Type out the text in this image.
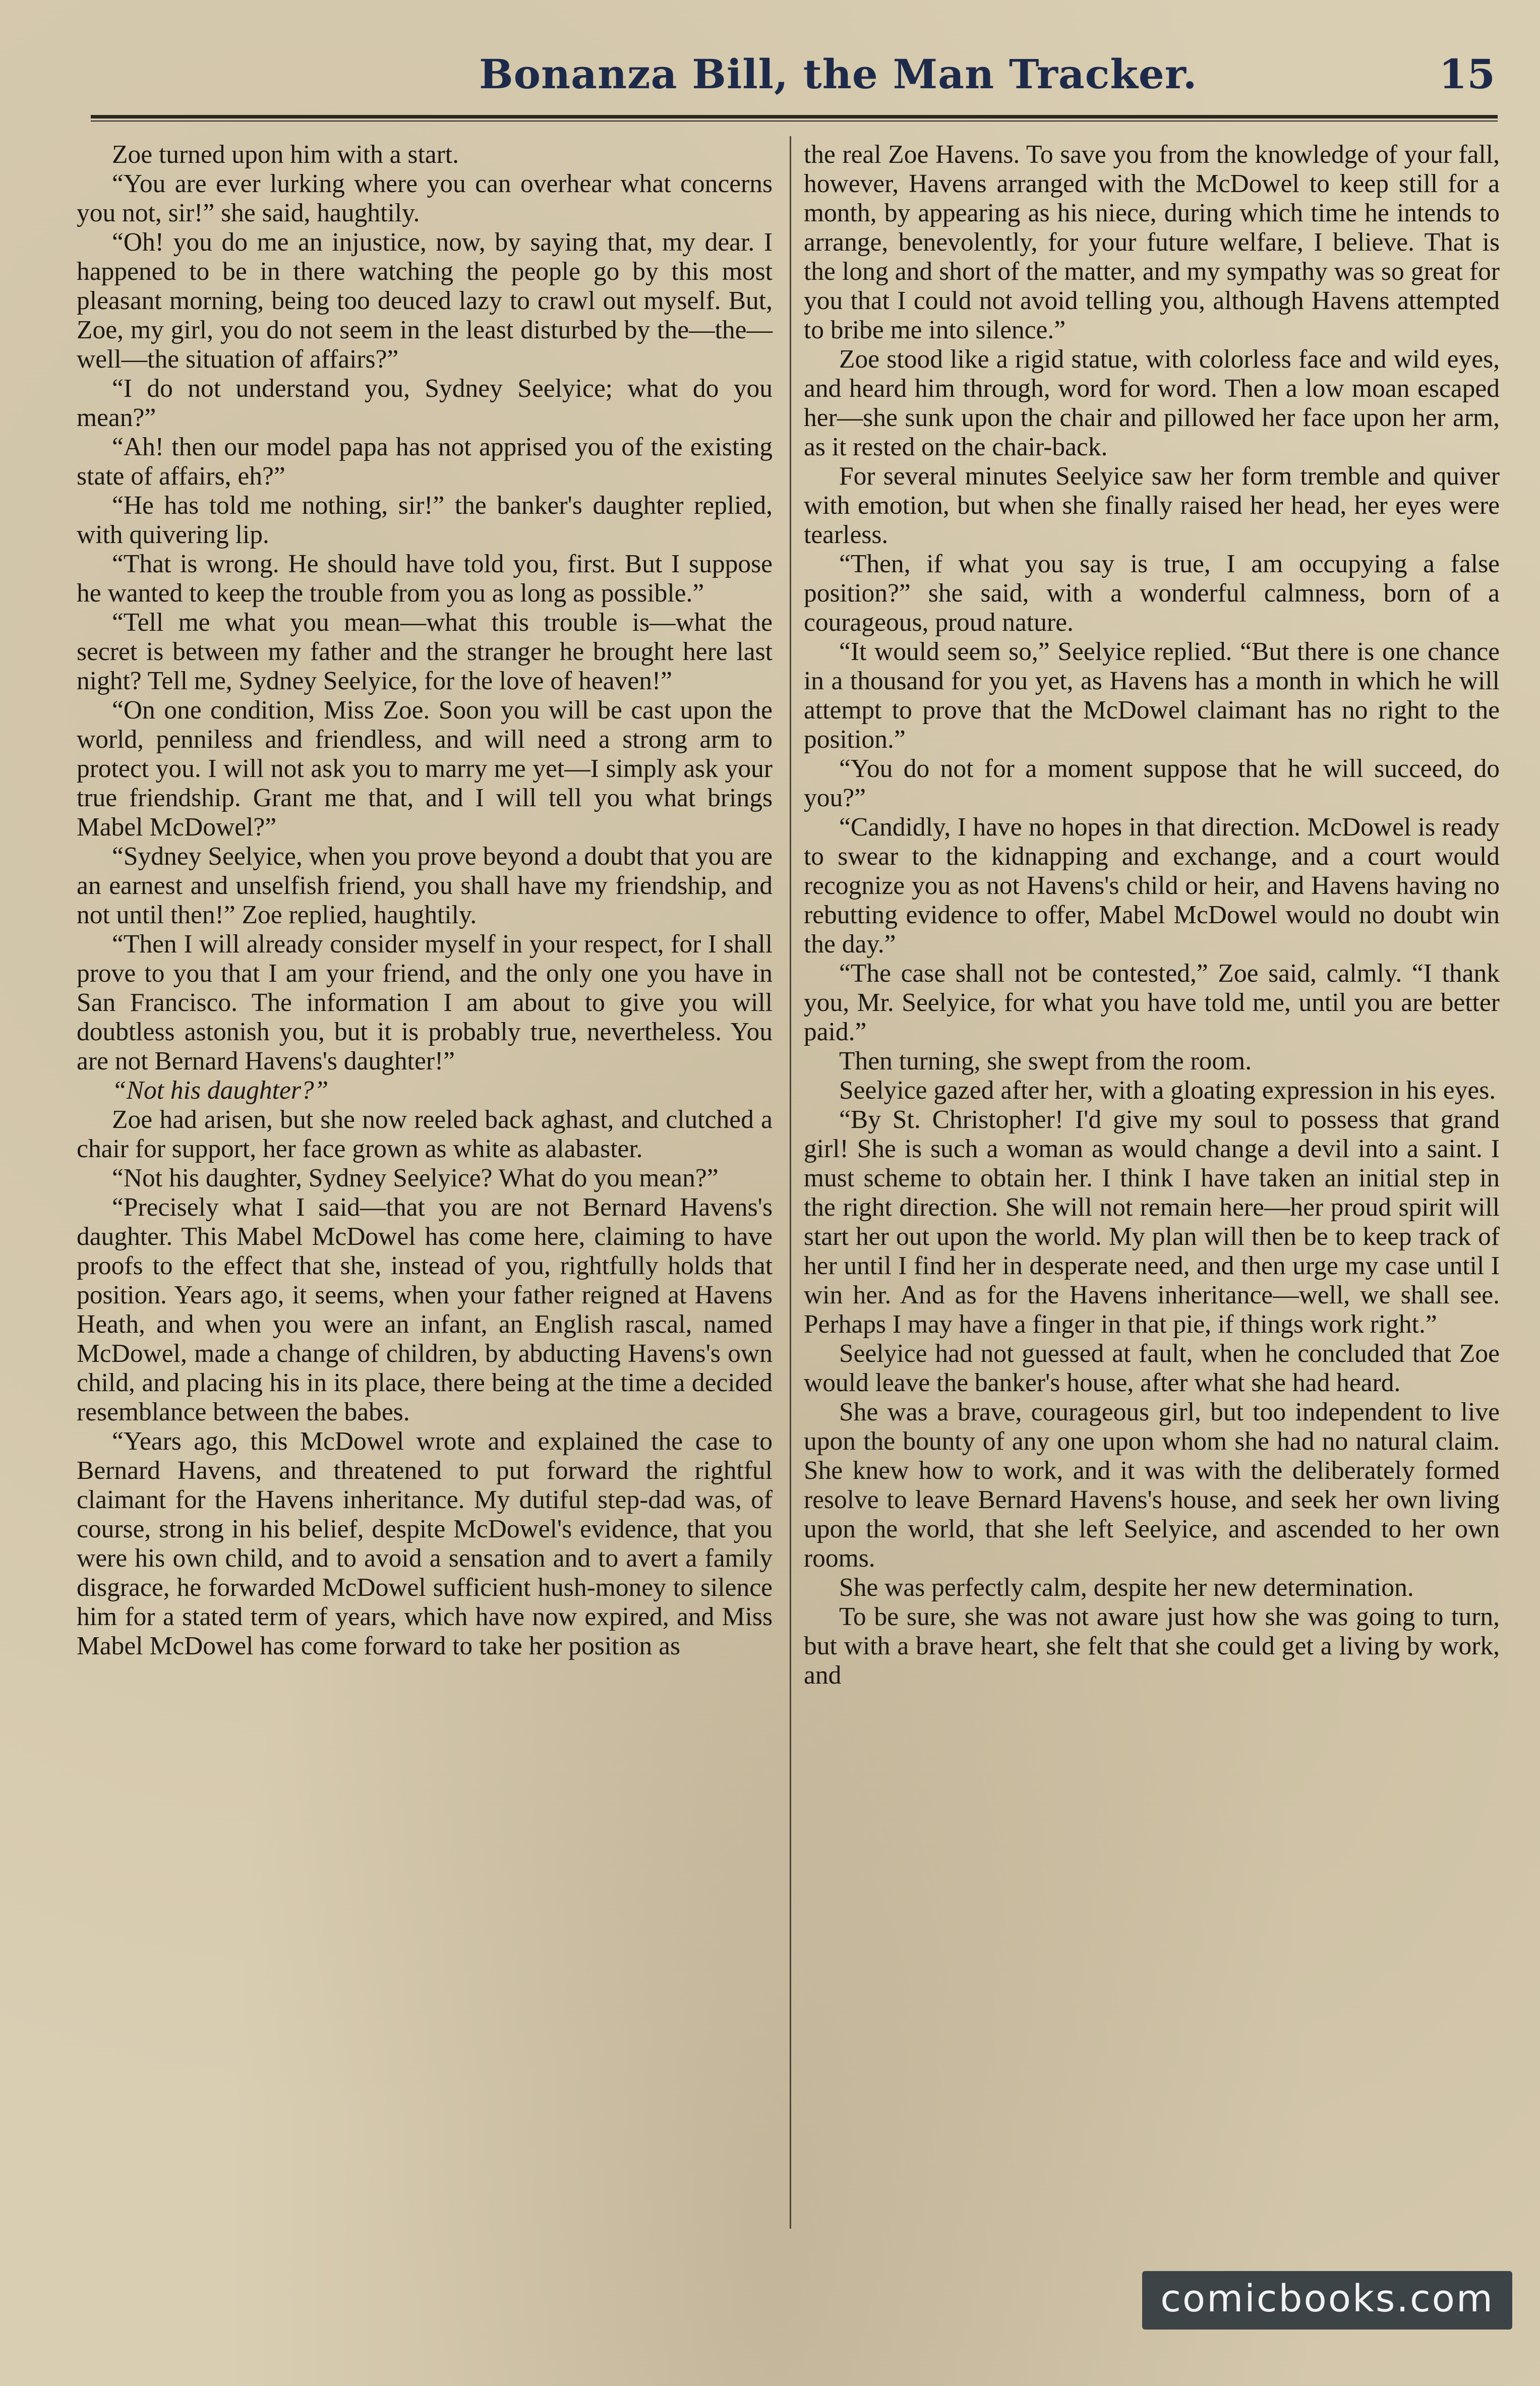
Bonanza Bill, the Man Tracker.	15

Zoe turned upon him with a start.

“You are ever lurking where you can overhear what concerns you not, sir!” she said, haughtily.

“Oh! you do me an injustice, now, by saying that, my dear. I happened to be in there watching the people go by this most pleasant morning, being too deuced lazy to crawl out myself. But, Zoe, my girl, you do not seem in the least disturbed by the—the—well—the situation of affairs?”

“I do not understand you, Sydney Seelyice; what do you mean?”

“Ah! then our model papa has not apprised you of the existing state of affairs, eh?”

“He has told me nothing, sir!” the banker's daughter replied, with quivering lip.

“That is wrong. He should have told you, first. But I suppose he wanted to keep the trouble from you as long as possible.”

“Tell me what you mean—what this trouble is—what the secret is between my father and the stranger he brought here last night? Tell me, Sydney Seelyice, for the love of heaven!”

“On one condition, Miss Zoe. Soon you will be cast upon the world, penniless and friendless, and will need a strong arm to protect you. I will not ask you to marry me yet—I simply ask your true friendship. Grant me that, and I will tell you what brings Mabel McDowel?”

“Sydney Seelyice, when you prove beyond a doubt that you are an earnest and unselfish friend, you shall have my friendship, and not until then!” Zoe replied, haughtily.

“Then I will already consider myself in your respect, for I shall prove to you that I am your friend, and the only one you have in San Francisco. The information I am about to give you will doubtless astonish you, but it is probably true, nevertheless. You are not Bernard Havens's daughter!”

“Not his daughter?”

Zoe had arisen, but she now reeled back aghast, and clutched a chair for support, her face grown as white as alabaster.

“Not his daughter, Sydney Seelyice? What do you mean?”

“Precisely what I said—that you are not Bernard Havens's daughter. This Mabel McDowel has come here, claiming to have proofs to the effect that she, instead of you, rightfully holds that position. Years ago, it seems, when your father reigned at Havens Heath, and when you were an infant, an English rascal, named McDowel, made a change of children, by abducting Havens's own child, and placing his in its place, there being at the time a decided resemblance between the babes.

“Years ago, this McDowel wrote and explained the case to Bernard Havens, and threatened to put forward the rightful claimant for the Havens inheritance. My dutiful step-dad was, of course, strong in his belief, despite McDowel's evidence, that you were his own child, and to avoid a sensation and to avert a family disgrace, he forwarded McDowel sufficient hush-money to silence him for a stated term of years, which have now expired, and Miss Mabel McDowel has come forward to take her position as

the real Zoe Havens. To save you from the knowledge of your fall, however, Havens arranged with the McDowel to keep still for a month, by appearing as his niece, during which time he intends to arrange, benevolently, for your future welfare, I believe. That is the long and short of the matter, and my sympathy was so great for you that I could not avoid telling you, although Havens attempted to bribe me into silence.”

Zoe stood like a rigid statue, with colorless face and wild eyes, and heard him through, word for word. Then a low moan escaped her—she sunk upon the chair and pillowed her face upon her arm, as it rested on the chair-back.

For several minutes Seelyice saw her form tremble and quiver with emotion, but when she finally raised her head, her eyes were tearless.

“Then, if what you say is true, I am occupying a false position?” she said, with a wonderful calmness, born of a courageous, proud nature.

“It would seem so,” Seelyice replied. “But there is one chance in a thousand for you yet, as Havens has a month in which he will attempt to prove that the McDowel claimant has no right to the position.”

“You do not for a moment suppose that he will succeed, do you?”

“Candidly, I have no hopes in that direction. McDowel is ready to swear to the kidnapping and exchange, and a court would recognize you as not Havens's child or heir, and Havens having no rebutting evidence to offer, Mabel McDowel would no doubt win the day.”

“The case shall not be contested,” Zoe said, calmly. “I thank you, Mr. Seelyice, for what you have told me, until you are better paid.”

Then turning, she swept from the room.

Seelyice gazed after her, with a gloating expression in his eyes.

“By St. Christopher! I'd give my soul to possess that grand girl! She is such a woman as would change a devil into a saint. I must scheme to obtain her. I think I have taken an initial step in the right direction. She will not remain here—her proud spirit will start her out upon the world. My plan will then be to keep track of her until I find her in desperate need, and then urge my case until I win her. And as for the Havens inheritance—well, we shall see. Perhaps I may have a finger in that pie, if things work right.”

Seelyice had not guessed at fault, when he concluded that Zoe would leave the banker's house, after what she had heard.

She was a brave, courageous girl, but too independent to live upon the bounty of any one upon whom she had no natural claim. She knew how to work, and it was with the deliberately formed resolve to leave Bernard Havens's house, and seek her own living upon the world, that she left Seelyice, and ascended to her own rooms.

She was perfectly calm, despite her new determination.

To be sure, she was not aware just how she was going to turn, but with a brave heart, she felt that she could get a living by work, and

comicbooks.com
